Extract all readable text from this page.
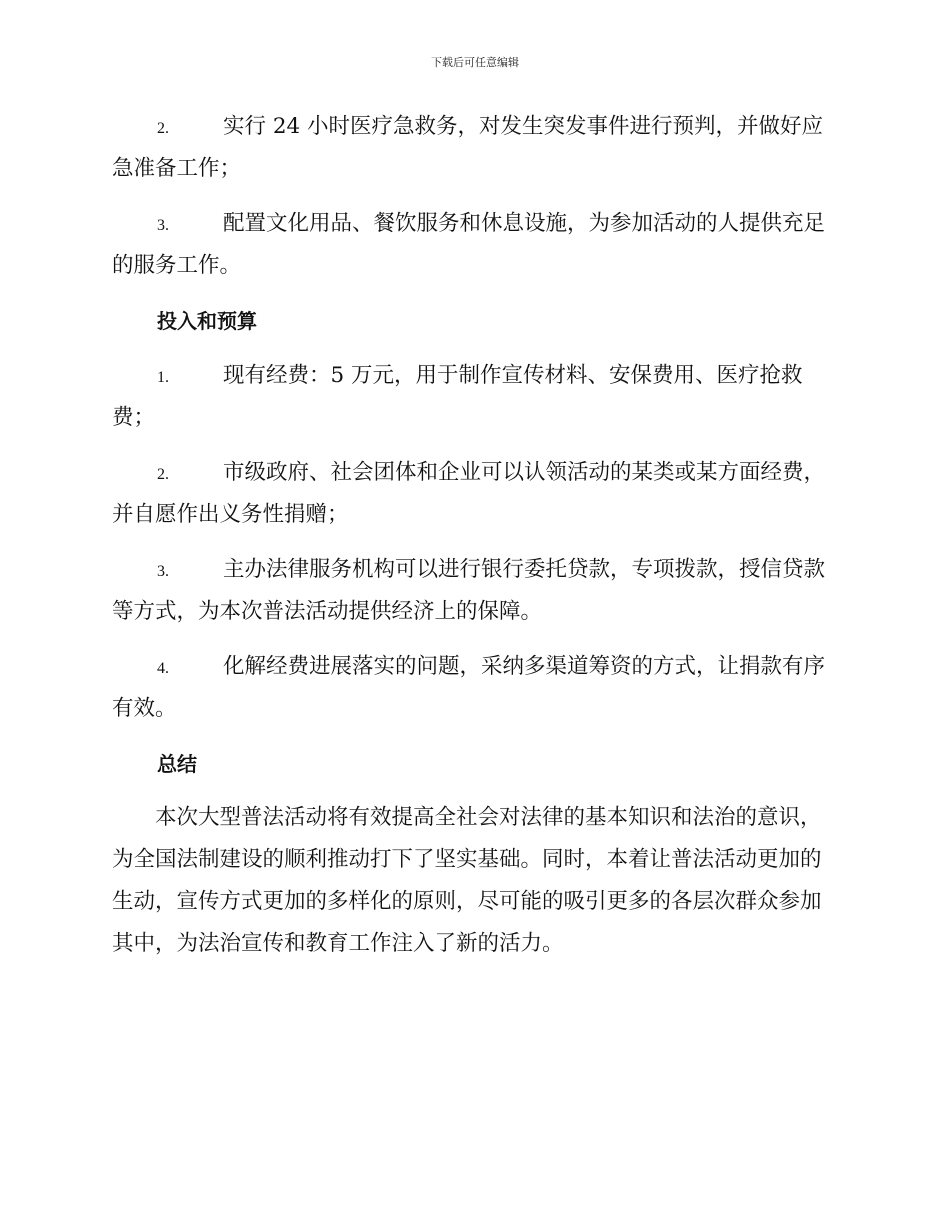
下载后可任意编辑
2.	实行 24 小时医疗急救务，对发生突发事件进行预判，并做好应
急准备工作；
3.	配置文化用品、餐饮服务和休息设施，为参加活动的人提供充足
的服务工作。
投入和预算
1.	现有经费：5 万元，用于制作宣传材料、安保费用、医疗抢救
费；
2.	市级政府、社会团体和企业可以认领活动的某类或某方面经费，
并自愿作出义务性捐赠；
3.	主办法律服务机构可以进行银行委托贷款，专项拨款，授信贷款
等方式，为本次普法活动提供经济上的保障。
4.	化解经费进展落实的问题，采纳多渠道筹资的方式，让捐款有序
有效。
总结
本次大型普法活动将有效提高全社会对法律的基本知识和法治的意识，
为全国法制建设的顺利推动打下了坚实基础。同时，本着让普法活动更加的
生动，宣传方式更加的多样化的原则，尽可能的吸引更多的各层次群众参加
其中，为法治宣传和教育工作注入了新的活力。
